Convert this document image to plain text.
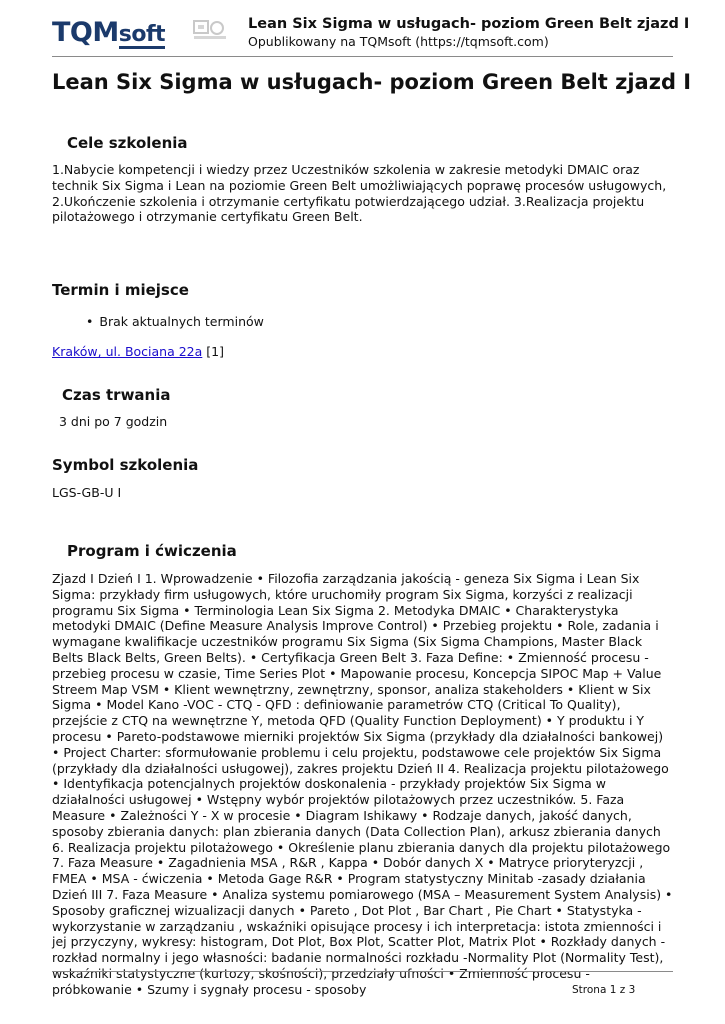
TQMsoft	Lean Six Sigma w usługach- poziom Green Belt zjazd I
Opublikowany na TQMsoft (https://tqmsoft.com)
Lean Six Sigma w usługach- poziom Green Belt zjazd I
Cele szkolenia

1.Nabycie kompetencji i wiedzy przez Uczestników szkolenia w zakresie metodyki DMAIC oraz technik Six Sigma i Lean na poziomie Green Belt umożliwiających poprawę procesów usługowych, 2.Ukończenie szkolenia i otrzymanie certyfikatu potwierdzającego udział. 3.Realizacja projektu pilotażowego i otrzymanie certyfikatu Green Belt.

Termin i miejsce
• Brak aktualnych terminów
Kraków, ul. Bociana 22a [1]
Czas trwania
3 dni po 7 godzin
Symbol szkolenia
LGS-GB-U I
Program i ćwiczenia

Zjazd I Dzień I 1. Wprowadzenie • Filozofia zarządzania jakością - geneza Six Sigma i Lean Six Sigma: przykłady firm usługowych, które uruchomiły program Six Sigma, korzyści z realizacji programu Six Sigma • Terminologia Lean Six Sigma 2. Metodyka DMAIC • Charakterystyka metodyki DMAIC (Define Measure Analysis Improve Control) • Przebieg projektu • Role, zadania i wymagane kwalifikacje uczestników programu Six Sigma (Six Sigma Champions, Master Black Belts Black Belts, Green Belts). • Certyfikacja Green Belt 3. Faza Define: • Zmienność procesu - przebieg procesu w czasie, Time Series Plot • Mapowanie procesu, Koncepcja SIPOC Map + Value Streem Map VSM • Klient wewnętrzny, zewnętrzny, sponsor, analiza stakeholders • Klient w Six Sigma • Model Kano -VOC - CTQ - QFD : definiowanie parametrów CTQ (Critical To Quality), przejście z CTQ na wewnętrzne Y, metoda QFD (Quality Function Deployment) • Y produktu i Y procesu • Pareto-podstawowe mierniki projektów Six Sigma (przykłady dla działalności bankowej) • Project Charter: sformułowanie problemu i celu projektu, podstawowe cele projektów Six Sigma (przykłady dla działalności usługowej), zakres projektu Dzień II 4. Realizacja projektu pilotażowego • Identyfikacja potencjalnych projektów doskonalenia - przykłady projektów Six Sigma w działalności usługowej • Wstępny wybór projektów pilotażowych przez uczestników. 5. Faza Measure • Zależności Y - X w procesie • Diagram Ishikawy • Rodzaje danych, jakość danych, sposoby zbierania danych: plan zbierania danych (Data Collection Plan), arkusz zbierania danych 6. Realizacja projektu pilotażowego • Określenie planu zbierania danych dla projektu pilotażowego 7. Faza Measure • Zagadnienia MSA , R&R , Kappa • Dobór danych X • Matryce prioryteryzcji , FMEA • MSA - ćwiczenia • Metoda Gage R&R • Program statystyczny Minitab -zasady działania Dzień III 7. Faza Measure • Analiza systemu pomiarowego (MSA – Measurement System Analysis) • Sposoby graficznej wizualizacji danych • Pareto , Dot Plot , Bar Chart , Pie Chart • Statystyka - wykorzystanie w zarządzaniu , wskaźniki opisujące procesy i ich interpretacja: istota zmienności i jej przyczyny, wykresy: histogram, Dot Plot, Box Plot, Scatter Plot, Matrix Plot • Rozkłady danych - rozkład normalny i jego własności: badanie normalności rozkładu -Normality Plot (Normality Test), wskaźniki statystyczne (kurtozy, skośności), przedziały ufności • Zmienność procesu - próbkowanie • Szumy i sygnały procesu - sposoby	Strona 1 z 3
